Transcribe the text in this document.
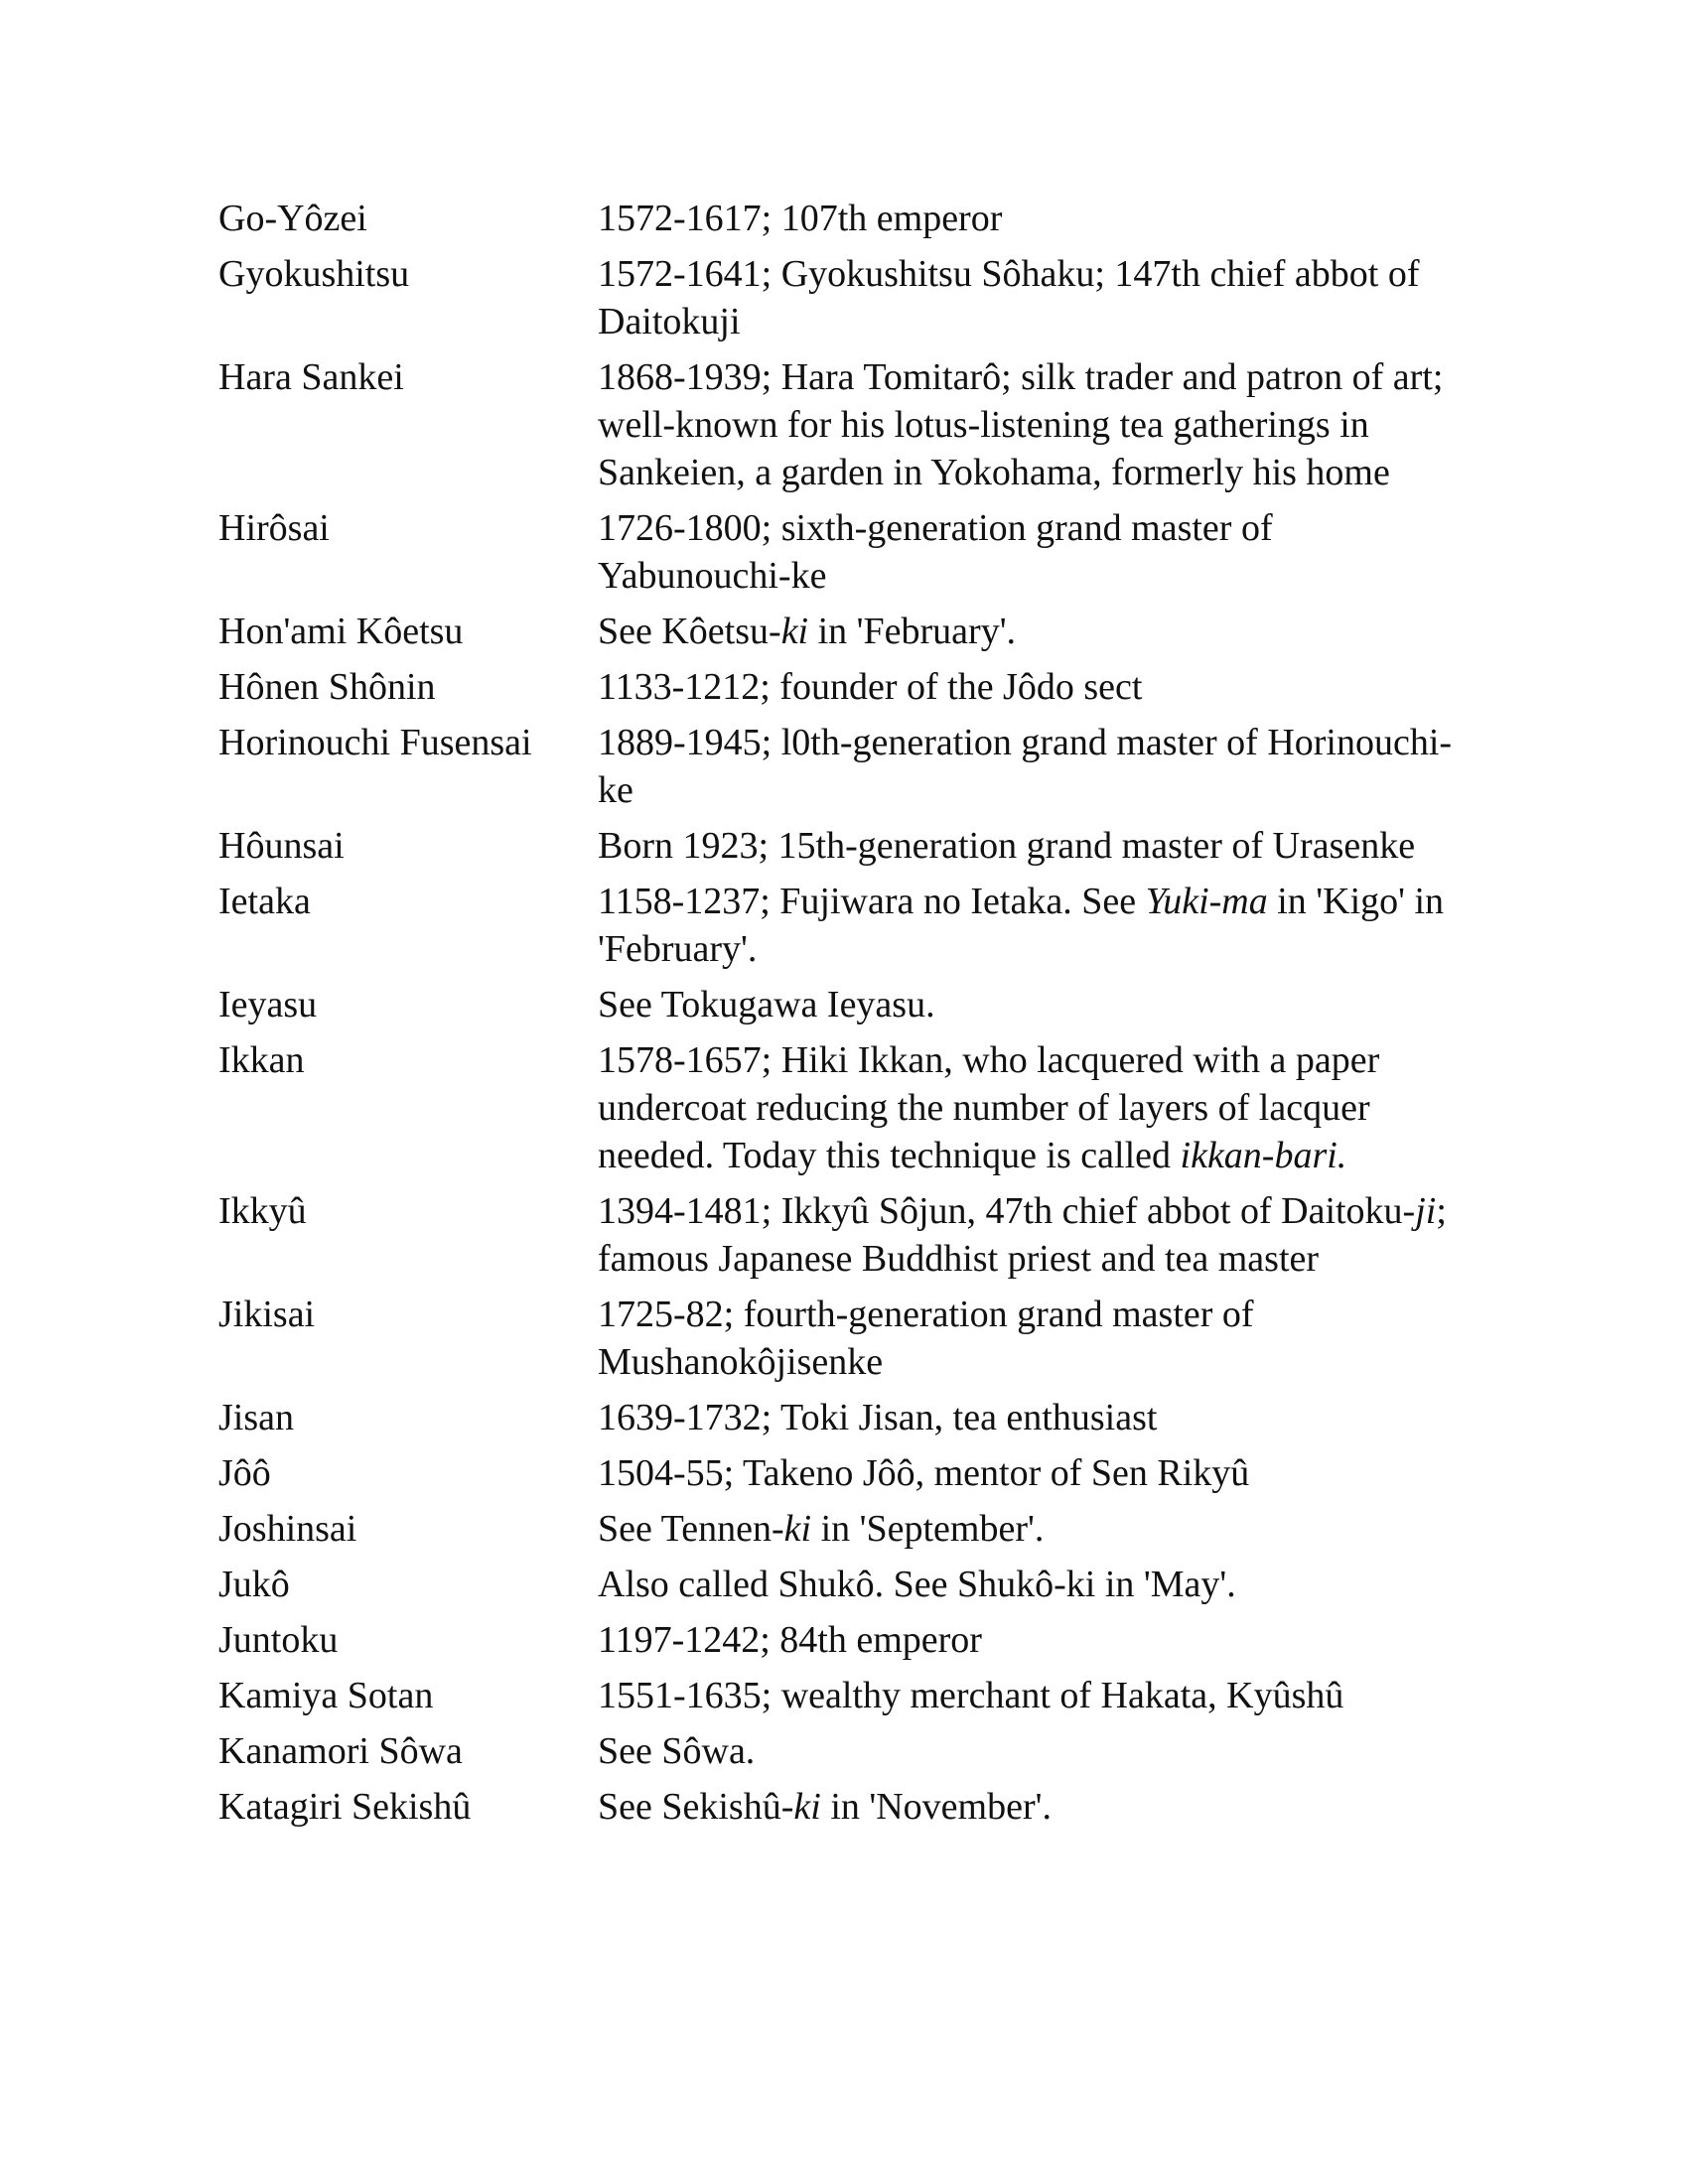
Go-Yôzei	1572-1617; 107th emperor
Gyokushitsu	1572-1641; Gyokushitsu Sôhaku; 147th chief abbot of Daitokuji
Hara Sankei	1868-1939; Hara Tomitarô; silk trader and patron of art; well-known for his lotus-listening tea gatherings in Sankeien, a garden in Yokohama, formerly his home
Hirôsai	1726-1800; sixth-generation grand master of Yabunouchi-ke
Hon'ami Kôetsu	See Kôetsu-ki in 'February'.
Hônen Shônin	1133-1212; founder of the Jôdo sect
Horinouchi Fusensai	1889-1945; l0th-generation grand master of Horinouchi-ke
Hôunsai	Born 1923; 15th-generation grand master of Urasenke
Ietaka	1158-1237; Fujiwara no Ietaka. See Yuki-ma in 'Kigo' in 'February'.
Ieyasu	See Tokugawa Ieyasu.
Ikkan	1578-1657; Hiki Ikkan, who lacquered with a paper undercoat reducing the number of layers of lacquer needed. Today this technique is called ikkan-bari.
Ikkyû	1394-1481; Ikkyû Sôjun, 47th chief abbot of Daitoku-ji; famous Japanese Buddhist priest and tea master
Jikisai	1725-82; fourth-generation grand master of Mushanokôjisenke
Jisan	1639-1732; Toki Jisan, tea enthusiast
Jôô	1504-55; Takeno Jôô, mentor of Sen Rikyû
Joshinsai	See Tennen-ki in 'September'.
Jukô	Also called Shukô. See Shukô-ki in 'May'.
Juntoku	1197-1242; 84th emperor
Kamiya Sotan	1551-1635; wealthy merchant of Hakata, Kyûshû
Kanamori Sôwa	See Sôwa.
Katagiri Sekishû	See Sekishû-ki in 'November'.
